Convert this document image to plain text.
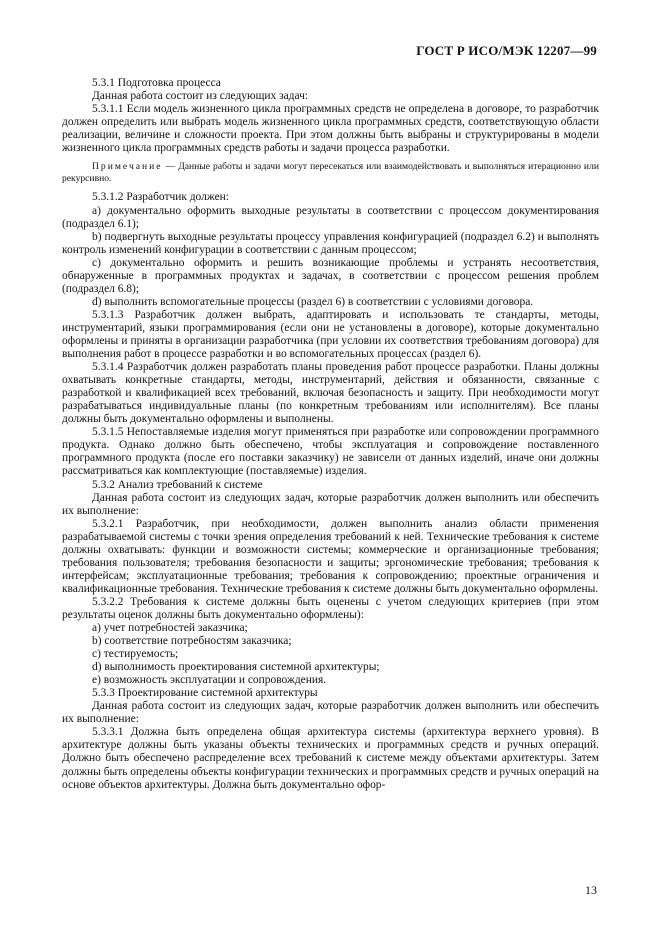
ГОСТ Р ИСО/МЭК 12207—99

5.3.1 Подготовка процесса

Данная работа состоит из следующих задач:

5.3.1.1 Если модель жизненного цикла программных средств не определена в договоре, то разработчик должен определить или выбрать модель жизненного цикла программных средств, соответствующую области реализации, величине и сложности проекта. При этом должны быть выбраны и структурированы в модели жизненного цикла программных средств работы и задачи процесса разработки.

Примечание — Данные работы и задачи могут пересекаться или взаимодействовать и выполняться итерационно или рекурсивно.

5.3.1.2 Разработчик должен:

a) документально оформить выходные результаты в соответствии с процессом документирования (подраздел 6.1);

b) подвергнуть выходные результаты процессу управления конфигурацией (подраздел 6.2) и выполнять контроль изменений конфигурации в соответствии с данным процессом;

c) документально оформить и решить возникающие проблемы и устранять несоответствия, обнаруженные в программных продуктах и задачах, в соответствии с процессом решения проблем (подраздел 6.8);

d) выполнить вспомогательные процессы (раздел 6) в соответствии с условиями договора.

5.3.1.3 Разработчик должен выбрать, адаптировать и использовать те стандарты, методы, инструментарий, языки программирования (если они не установлены в договоре), которые документально оформлены и приняты в организации разработчика (при условии их соответствия требованиям договора) для выполнения работ в процессе разработки и во вспомогательных процессах (раздел 6).

5.3.1.4 Разработчик должен разработать планы проведения работ процессе разработки. Планы должны охватывать конкретные стандарты, методы, инструментарий, действия и обязанности, связанные с разработкой и квалификацией всех требований, включая безопасность и защиту. При необходимости могут разрабатываться индивидуальные планы (по конкретным требованиям или исполнителям). Все планы должны быть документально оформлены и выполнены.

5.3.1.5 Непоставляемые изделия могут применяться при разработке или сопровождении программного продукта. Однако должно быть обеспечено, чтобы эксплуатация и сопровождение поставленного программного продукта (после его поставки заказчику) не зависели от данных изделий, иначе они должны рассматриваться как комплектующие (поставляемые) изделия.

5.3.2 Анализ требований к системе

Данная работа состоит из следующих задач, которые разработчик должен выполнить или обеспечить их выполнение:

5.3.2.1 Разработчик, при необходимости, должен выполнить анализ области применения разрабатываемой системы с точки зрения определения требований к ней. Технические требования к системе должны охватывать: функции и возможности системы; коммерческие и организационные требования; требования пользователя; требования безопасности и защиты; эргономические требования; требования к интерфейсам; эксплуатационные требования; требования к сопровождению; проектные ограничения и квалификационные требования. Технические требования к системе должны быть документально оформлены.

5.3.2.2 Требования к системе должны быть оценены с учетом следующих критериев (при этом результаты оценок должны быть документально оформлены):

a) учет потребностей заказчика;

b) соответствие потребностям заказчика;

c) тестируемость;

d) выполнимость проектирования системной архитектуры;

e) возможность эксплуатации и сопровождения.

5.3.3 Проектирование системной архитектуры

Данная работа состоит из следующих задач, которые разработчик должен выполнить или обеспечить их выполнение:

5.3.3.1 Должна быть определена общая архитектура системы (архитектура верхнего уровня). В архитектуре должны быть указаны объекты технических и программных средств и ручных операций. Должно быть обеспечено распределение всех требований к системе между объектами архитектуры. Затем должны быть определены объекты конфигурации технических и программных средств и ручных операций на основе объектов архитектуры. Должна быть документально офор-

13
